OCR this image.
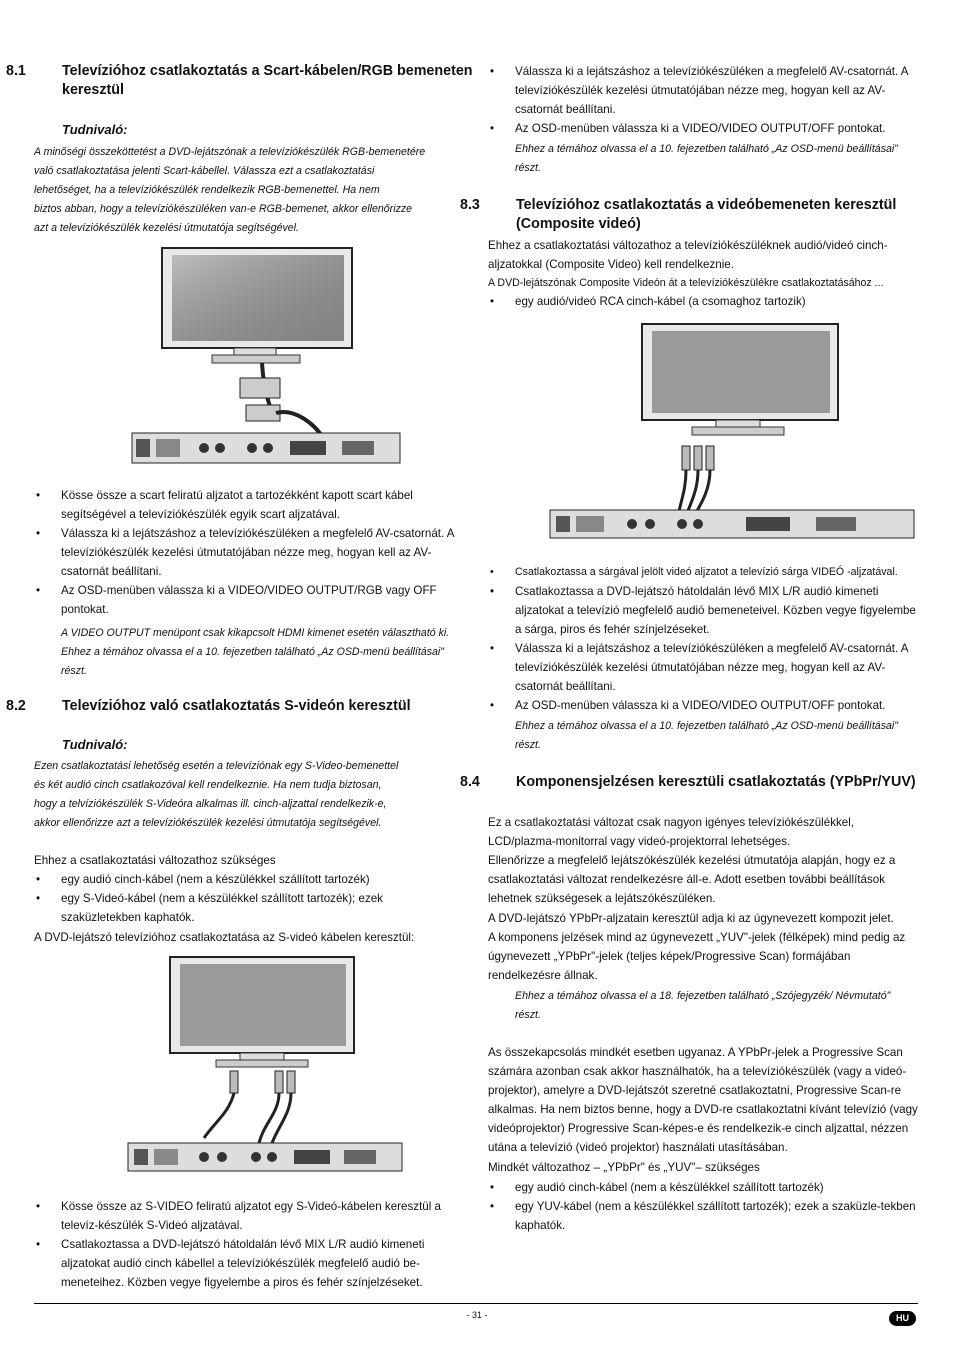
8.1	Televízióhoz csatlakoztatás a Scart-kábelen/RGB bemeneten keresztül
Tudnivaló:
A minőségi összeköttetést a DVD-lejátszónak a televíziókészülék RGB-bemenetére
való csatlakoztatása jelenti Scart-kábellel. Válassza ezt a csatlakoztatási
lehetőséget, ha a televíziókészülék rendelkezik RGB-bemenettel. Ha nem
biztos abban, hogy a televíziókészüléken van-e RGB-bemenet, akkor ellenőrizze
azt a televíziókészülék kezelési útmutatója segítségével.
• Kösse össze a scart feliratú aljzatot a tartozékként kapott scart kábel segítségével a televíziókészülék egyik scart aljzatával.
• Válassza ki a lejátszáshoz a televíziókészüléken a megfelelő AV-csatornát. A televíziókészülék kezelési útmutatójában nézze meg, hogyan kell az AV-csatornát beállítani.
• Az OSD-menüben válassza ki a VIDEO/VIDEO OUTPUT/RGB vagy OFF pontokat.
A VIDEO OUTPUT menüpont csak kikapcsolt HDMI kimenet esetén választható ki. Ehhez a témához olvassa el a 10. fejezetben található „Az OSD-menü beállításai" részt.
8.2	Televízióhoz való csatlakoztatás S-videón keresztül
Tudnivaló:
Ezen csatlakoztatási lehetőség esetén a televíziónak egy S-Video-bemenettel
és két audió cinch csatlakozóval kell rendelkeznie. Ha nem tudja biztosan,
hogy a telvíziókészülék S-Videóra alkalmas ill. cinch-aljzattal rendelkezik-e,
akkor ellenőrizze azt a televíziókészülék kezelési útmutatója segítségével.
Ehhez a csatlakoztatási változathoz szükséges
• egy audió cinch-kábel (nem a készülékkel szállított tartozék)
• egy S-Videó-kábel (nem a készülékkel szállított tartozék); ezek szaküzletekben kaphatók.
A DVD-lejátszó televízióhoz csatlakoztatása az S-videó kábelen keresztül:
• Kösse össze az S-VIDEO feliratú aljzatot egy S-Videó-kábelen keresztül a televíz-készülék S-Videó aljzatával.
• Csatlakoztassa a DVD-lejátszó hátoldalán lévő MIX L/R audió kimeneti aljzatokat audió cinch kábellel a televíziókészülék megfelelő audió be-meneteihez. Közben vegye figyelembe a piros és fehér színjelzéseket.
• Válassza ki a lejátszáshoz a televíziókészüléken a megfelelő AV-csatornát. A televíziókészülék kezelési útmutatójában nézze meg, hogyan kell az AV-csatornát beállítani.
• Az OSD-menüben válassza ki a VIDEO/VIDEO OUTPUT/OFF pontokat.
Ehhez a témához olvassa el a 10. fejezetben található „Az OSD-menü beállításai" részt.
8.3	Televízióhoz csatlakoztatás a videóbemeneten keresztül (Composite videó)
Ehhez a csatlakoztatási változathoz a televíziókészüléknek audió/videó cinch-aljzatokkal (Composite Video) kell rendelkeznie.
A DVD-lejátszónak Composite Videón át a televíziókészülékre csatlakoztatásához ...
• egy audió/videó RCA cinch-kábel (a csomaghoz tartozik)
• Csatlakoztassa a sárgával jelölt videó aljzatot a televízió sárga VIDEÓ -aljzatával.
• Csatlakoztassa a DVD-lejátszó hátoldalán lévő MIX L/R audió kimeneti aljzatokat a televízió megfelelő audió bemeneteivel. Közben vegye figyelembe a sárga, piros és fehér színjelzéseket.
• Válassza ki a lejátszáshoz a televíziókészüléken a megfelelő AV-csatornát. A televíziókészülék kezelési útmutatójában nézze meg, hogyan kell az AV-csatornát beállítani.
• Az OSD-menüben válassza ki a VIDEO/VIDEO OUTPUT/OFF pontokat.
Ehhez a témához olvassa el a 10. fejezetben található „Az OSD-menü beállításai" részt.
8.4	Komponensjelzésen keresztüli csatlakoztatás (YPbPr/YUV)
Ez a csatlakoztatási változat csak nagyon igényes televíziókészülékkel, LCD/plazma-monitorral vagy videó-projektorral lehetséges.
Ellenőrizze a megfelelő lejátszókészülék kezelési útmutatója alapján, hogy ez a csatlakoztatási változat rendelkezésre áll-e. Adott esetben további beállítások lehetnek szükségesek a lejátszókészüléken.
A DVD-lejátszó YPbPr-aljzatain keresztül adja ki az úgynevezett kompozit jelet.
A komponens jelzések mind az úgynevezett „YUV"-jelek (félképek) mind pedig az úgynevezett „YPbPr"-jelek (teljes képek/Progressive Scan) formájában rendelkezésre állnak.
Ehhez a témához olvassa el a 18. fejezetben található „Szójegyzék/ Névmutató" részt.
As összekapcsolás mindkét esetben ugyanaz. A YPbPr-jelek a Progressive Scan számára azonban csak akkor használhatók, ha a televíziókészülék (vagy a videó-projektor), amelyre a DVD-lejátszót szeretné csatlakoztatni, Progressive Scan-re alkalmas. Ha nem biztos benne, hogy a DVD-re csatlakoztatni kívánt televízió (vagy videóprojektor) Progressive Scan-képes-e és rendelkezik-e cinch aljzattal, nézzen utána a televízió (videó projektor) használati utasításában.
Mindkét változathoz – „YPbPr" és „YUV"– szükséges
• egy audió cinch-kábel (nem a készülékkel szállított tartozék)
• egy YUV-kábel (nem a készülékkel szállított tartozék); ezek a szaküzle-tekben kaphatók.
- 31 -	HU
